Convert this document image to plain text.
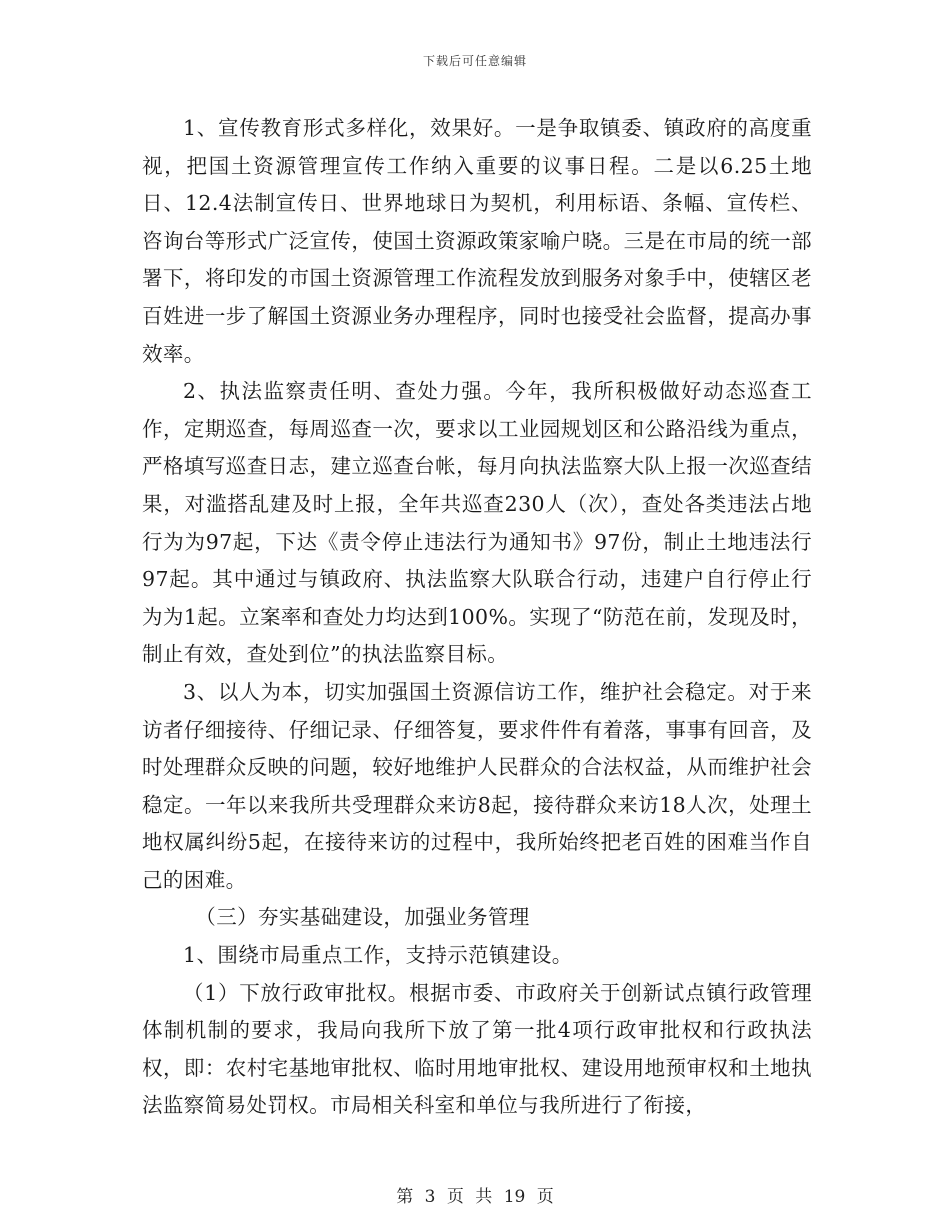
下载后可任意编辑

1、宣传教育形式多样化，效果好。一是争取镇委、镇政府的高度重视，把国土资源管理宣传工作纳入重要的议事日程。二是以6.25土地日、12.4法制宣传日、世界地球日为契机，利用标语、条幅、宣传栏、咨询台等形式广泛宣传，使国土资源政策家喻户晓。三是在市局的统一部署下，将印发的市国土资源管理工作流程发放到服务对象手中，使辖区老百姓进一步了解国土资源业务办理程序，同时也接受社会监督，提高办事效率。

2、执法监察责任明、查处力强。今年，我所积极做好动态巡查工作，定期巡查，每周巡查一次，要求以工业园规划区和公路沿线为重点，严格填写巡查日志，建立巡查台帐，每月向执法监察大队上报一次巡查结果，对滥搭乱建及时上报，全年共巡查230人（次），查处各类违法占地行为为97起，下达《责令停止违法行为通知书》97份，制止土地违法行97起。其中通过与镇政府、执法监察大队联合行动，违建户自行停止行为为1起。立案率和查处力均达到100%。实现了“防范在前，发现及时，制止有效，查处到位”的执法监察目标。

3、以人为本，切实加强国土资源信访工作，维护社会稳定。对于来访者仔细接待、仔细记录、仔细答复，要求件件有着落，事事有回音，及时处理群众反映的问题，较好地维护人民群众的合法权益，从而维护社会稳定。一年以来我所共受理群众来访8起，接待群众来访18人次，处理土地权属纠纷5起，在接待来访的过程中，我所始终把老百姓的困难当作自己的困难。

（三）夯实基础建设，加强业务管理

1、围绕市局重点工作，支持示范镇建设。

（1）下放行政审批权。根据市委、市政府关于创新试点镇行政管理体制机制的要求，我局向我所下放了第一批4项行政审批权和行政执法权，即：农村宅基地审批权、临时用地审批权、建设用地预审权和土地执法监察简易处罚权。市局相关科室和单位与我所进行了衔接，

第 3 页 共 19 页
